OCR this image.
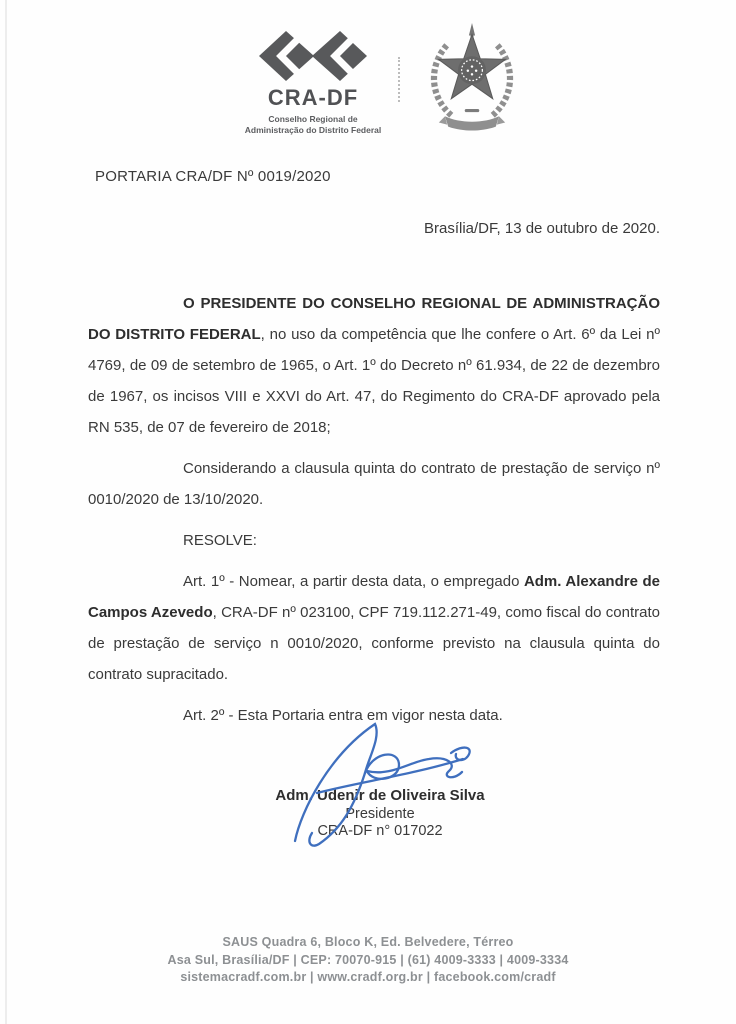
CRA-DF
Conselho Regional de
Administração do Distrito Federal
PORTARIA CRA/DF Nº 0019/2020
Brasília/DF, 13 de outubro de 2020.

O PRESIDENTE DO CONSELHO REGIONAL DE ADMINISTRAÇÃO DO DISTRITO FEDERAL, no uso da competência que lhe confere o Art. 6º da Lei nº 4769, de 09 de setembro de 1965, o Art. 1º do Decreto nº 61.934, de 22 de dezembro de 1967, os incisos VIII e XXVI do Art. 47, do Regimento do CRA-DF aprovado pela RN 535, de 07 de fevereiro de 2018;

Considerando a clausula quinta do contrato de prestação de serviço nº 0010/2020 de 13/10/2020.

RESOLVE:

Art. 1º - Nomear, a partir desta data, o empregado Adm. Alexandre de Campos Azevedo, CRA-DF nº 023100, CPF 719.112.271-49, como fiscal do contrato de prestação de serviço n 0010/2020, conforme previsto na clausula quinta do contrato supracitado.

Art. 2º - Esta Portaria entra em vigor nesta data.

Adm. Udenir de Oliveira Silva
Presidente
CRA-DF n° 017022
SAUS Quadra 6, Bloco K, Ed. Belvedere, Térreo
Asa Sul, Brasília/DF | CEP: 70070-915 | (61) 4009-3333 | 4009-3334
sistemacradf.com.br | www.cradf.org.br | facebook.com/cradf
